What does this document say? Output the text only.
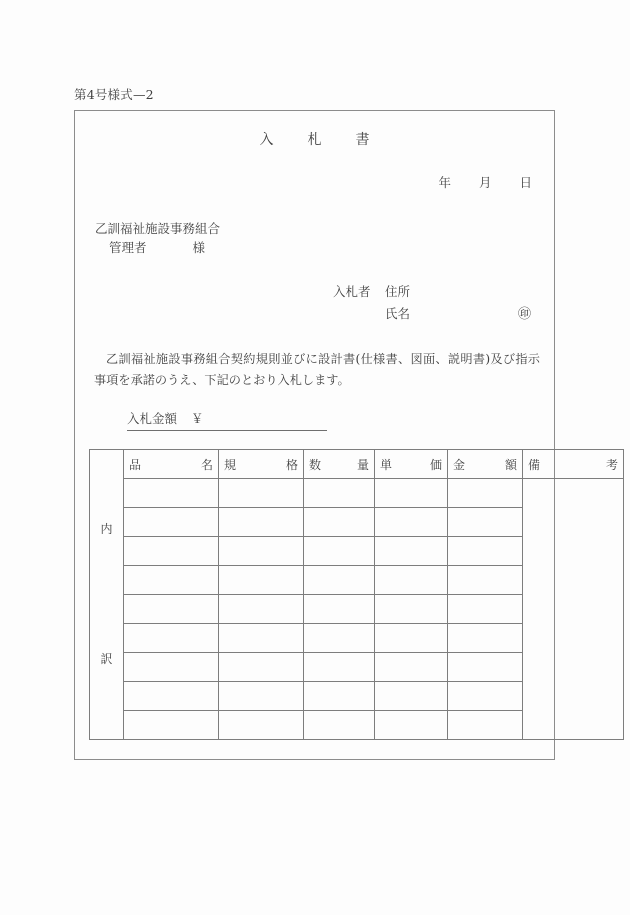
第4号様式—2
入　　札　　書
年 月 日
乙訓福祉施設事務組合
管理者	様
入札者	住所
氏名	㊞
乙訓福祉施設事務組合契約規則並びに設計書(仕様書、図面、説明書)及び指示事項を承諾のうえ、下記のとおり入札します。
入札金額 ￥
内
訳	品　名	規　格	数　量	単　価	金　額	備　考
